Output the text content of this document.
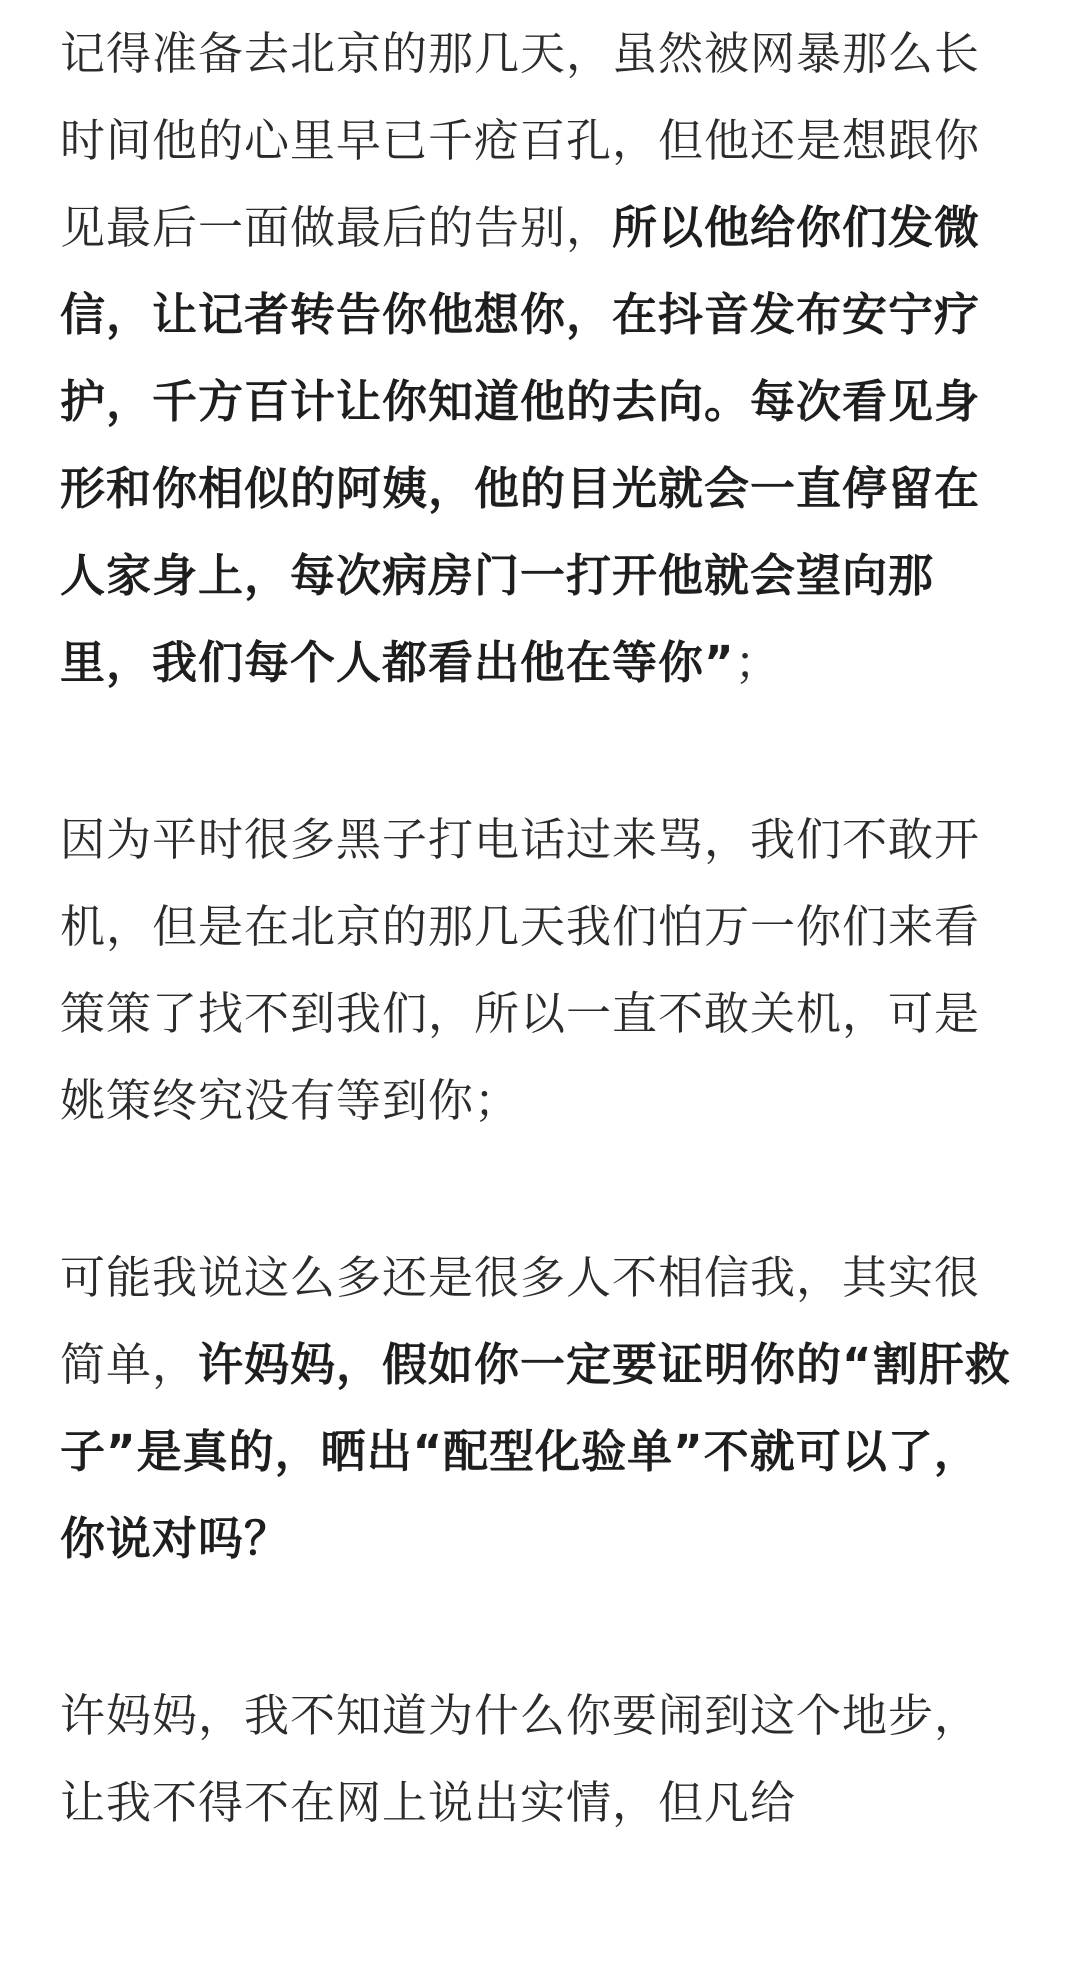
记得准备去北京的那几天，虽然被网暴那么长时间他的心里早已千疮百孔，但他还是想跟你见最后一面做最后的告别，所以他给你们发微信，让记者转告你他想你，在抖音发布安宁疗护，千方百计让你知道他的去向。每次看见身形和你相似的阿姨，他的目光就会一直停留在人家身上，每次病房门一打开他就会望向那里，我们每个人都看出他在等你”；

因为平时很多黑子打电话过来骂，我们不敢开机，但是在北京的那几天我们怕万一你们来看策策了找不到我们，所以一直不敢关机，可是姚策终究没有等到你；

可能我说这么多还是很多人不相信我，其实很简单，许妈妈，假如你一定要证明你的“割肝救子”是真的，晒出“配型化验单”不就可以了，你说对吗？

许妈妈，我不知道为什么你要闹到这个地步，让我不得不在网上说出实情，但凡给
